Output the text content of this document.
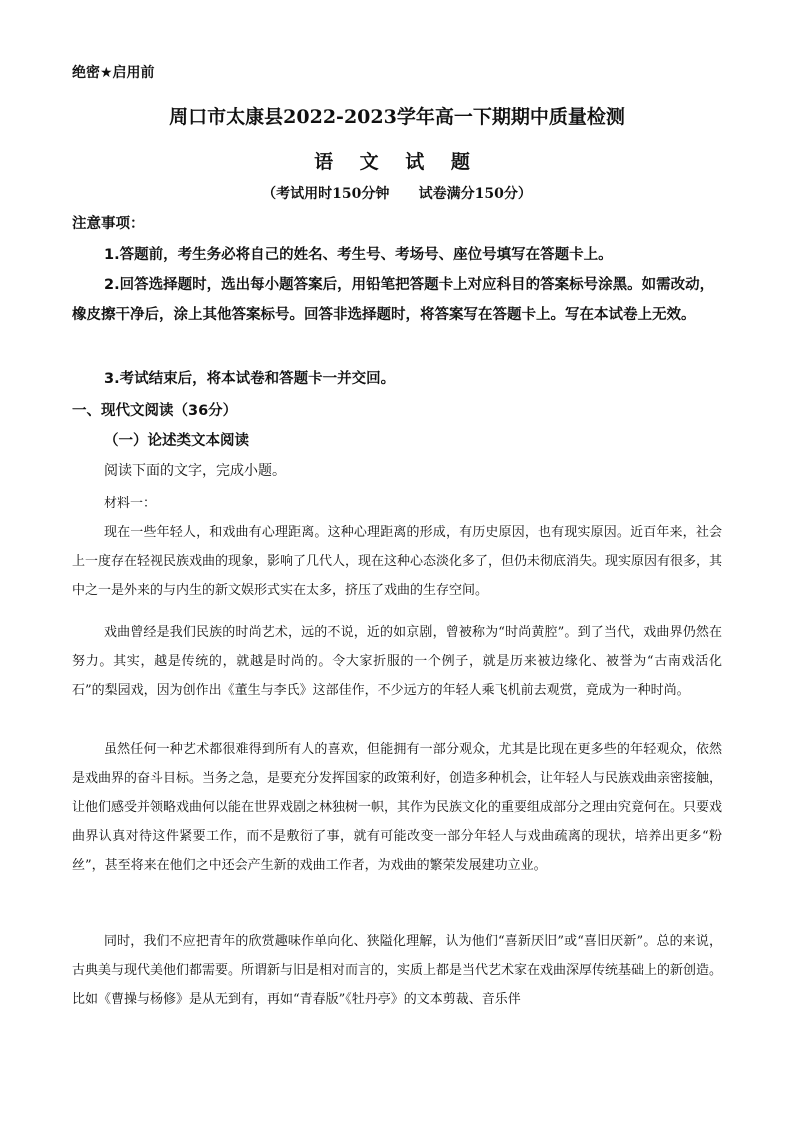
绝密★启用前
周口市太康县2022-2023学年高一下期期中质量检测
语 文 试 题
（考试用时150分钟      试卷满分150分）
注意事项：
1.答题前，考生务必将自己的姓名、考生号、考场号、座位号填写在答题卡上。
2.回答选择题时，选出每小题答案后，用铅笔把答题卡上对应科目的答案标号涂黑。如需改动，橡皮擦干净后，涂上其他答案标号。回答非选择题时，将答案写在答题卡上。写在本试卷上无效。
3.考试结束后，将本试卷和答题卡一并交回。
一、现代文阅读（36分）
（一）论述类文本阅读
阅读下面的文字，完成小题。
材料一：
现在一些年轻人，和戏曲有心理距离。这种心理距离的形成，有历史原因，也有现实原因。近百年来，社会上一度存在轻视民族戏曲的现象，影响了几代人，现在这种心态淡化多了，但仍未彻底消失。现实原因有很多，其中之一是外来的与内生的新文娱形式实在太多，挤压了戏曲的生存空间。
戏曲曾经是我们民族的时尚艺术，远的不说，近的如京剧，曾被称为“时尚黄腔”。到了当代，戏曲界仍然在努力。其实，越是传统的，就越是时尚的。令大家折服的一个例子，就是历来被边缘化、被誉为“古南戏活化石”的梨园戏，因为创作出《董生与李氏》这部佳作，不少远方的年轻人乘飞机前去观赏，竟成为一种时尚。
虽然任何一种艺术都很难得到所有人的喜欢，但能拥有一部分观众，尤其是比现在更多些的年轻观众，依然是戏曲界的奋斗目标。当务之急，是要充分发挥国家的政策利好，创造多种机会，让年轻人与民族戏曲亲密接触，让他们感受并领略戏曲何以能在世界戏剧之林独树一帜，其作为民族文化的重要组成部分之理由究竟何在。只要戏曲界认真对待这件紧要工作，而不是敷衍了事，就有可能改变一部分年轻人与戏曲疏离的现状，培养出更多“粉丝”，甚至将来在他们之中还会产生新的戏曲工作者，为戏曲的繁荣发展建功立业。
同时，我们不应把青年的欣赏趣味作单向化、狭隘化理解，认为他们“喜新厌旧”或“喜旧厌新”。总的来说，古典美与现代美他们都需要。所谓新与旧是相对而言的，实质上都是当代艺术家在戏曲深厚传统基础上的新创造。比如《曹操与杨修》是从无到有，再如“青春版”《牡丹亭》的文本剪裁、音乐伴
